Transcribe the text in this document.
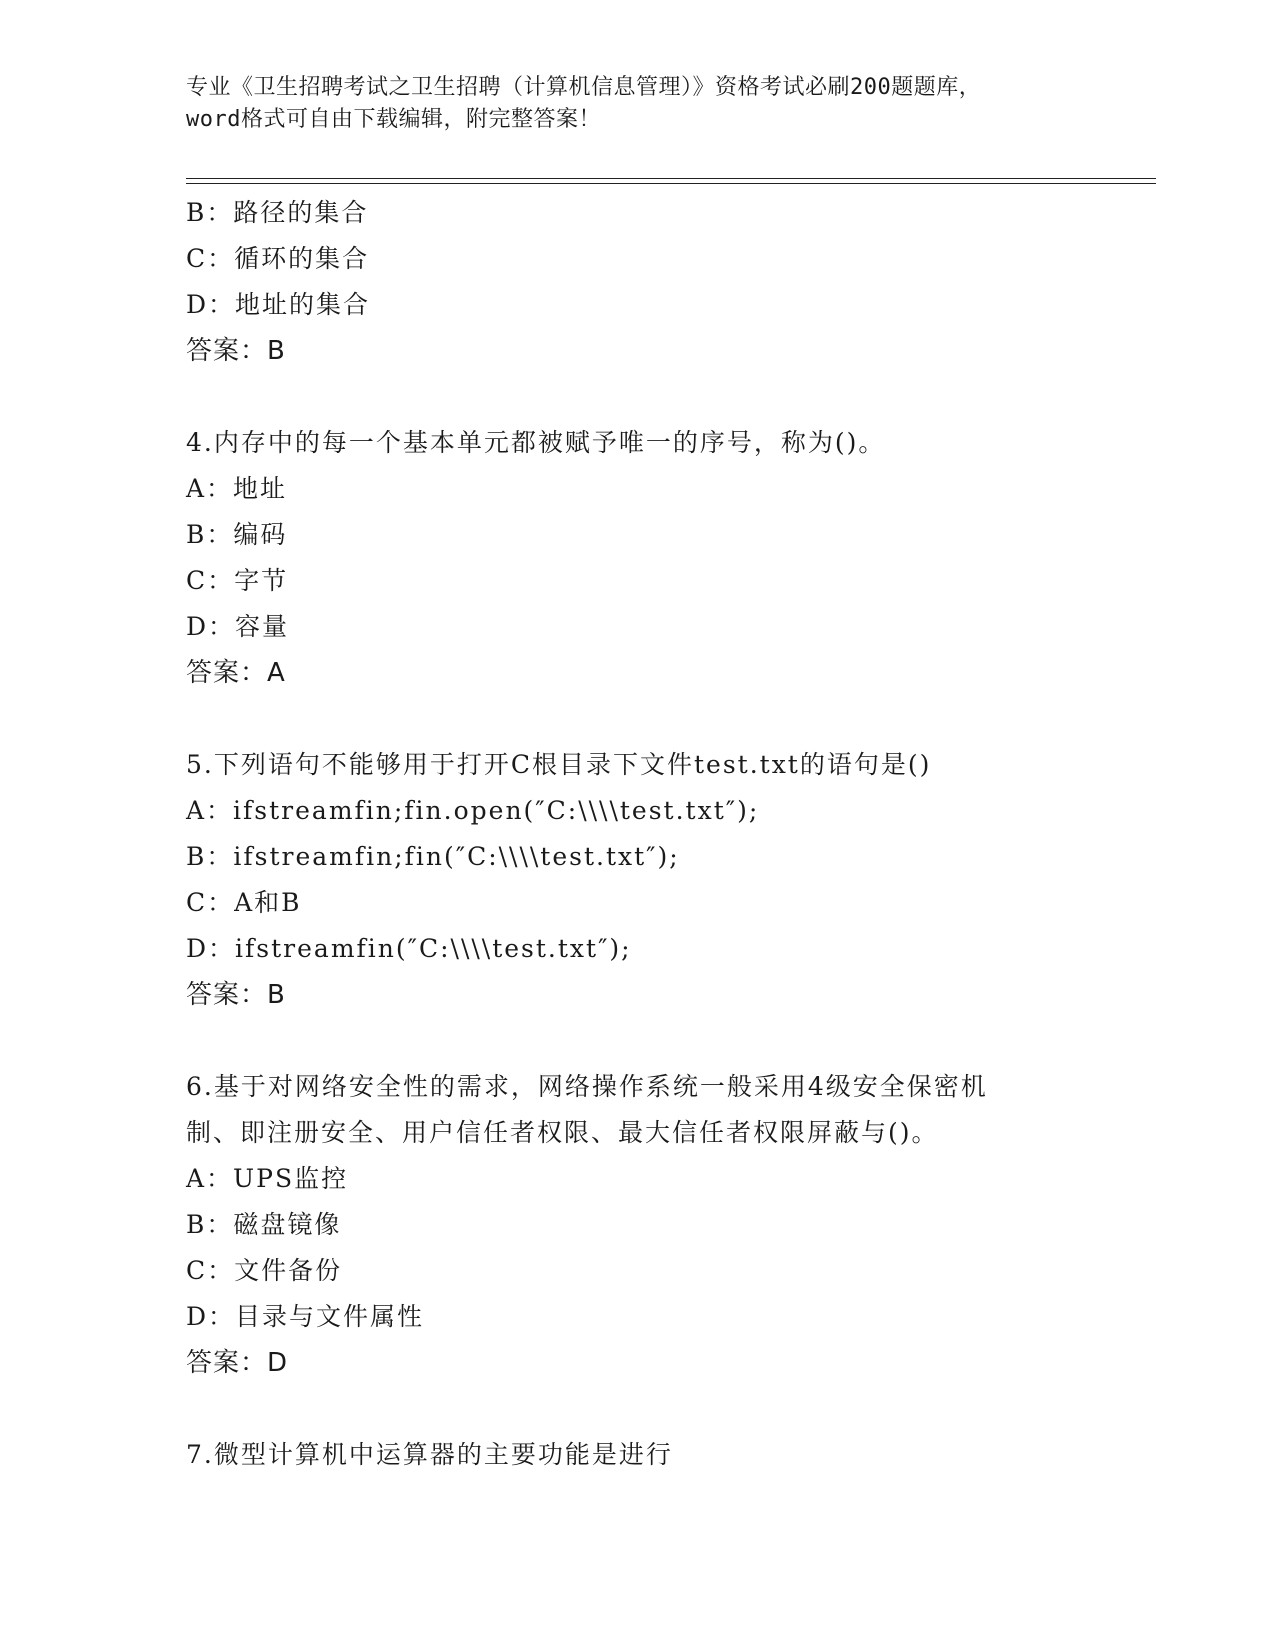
专业《卫生招聘考试之卫生招聘（计算机信息管理）》资格考试必刷200题题库，
word格式可自由下载编辑，附完整答案！
B：路径的集合
C：循环的集合
D：地址的集合
答案：B
4.内存中的每一个基本单元都被赋予唯一的序号，称为()。
A：地址
B：编码
C：字节
D：容量
答案：A
5.下列语句不能够用于打开C根目录下文件test.txt的语句是()
A：ifstreamfin;fin.open(″C:\\\\test.txt″);
B：ifstreamfin;fin(″C:\\\\test.txt″);
C：A和B
D：ifstreamfin(″C:\\\\test.txt″);
答案：B
6.基于对网络安全性的需求，网络操作系统一般采用4级安全保密机
制、即注册安全、用户信任者权限、最大信任者权限屏蔽与()。
A：UPS监控
B：磁盘镜像
C：文件备份
D：目录与文件属性
答案：D
7.微型计算机中运算器的主要功能是进行
